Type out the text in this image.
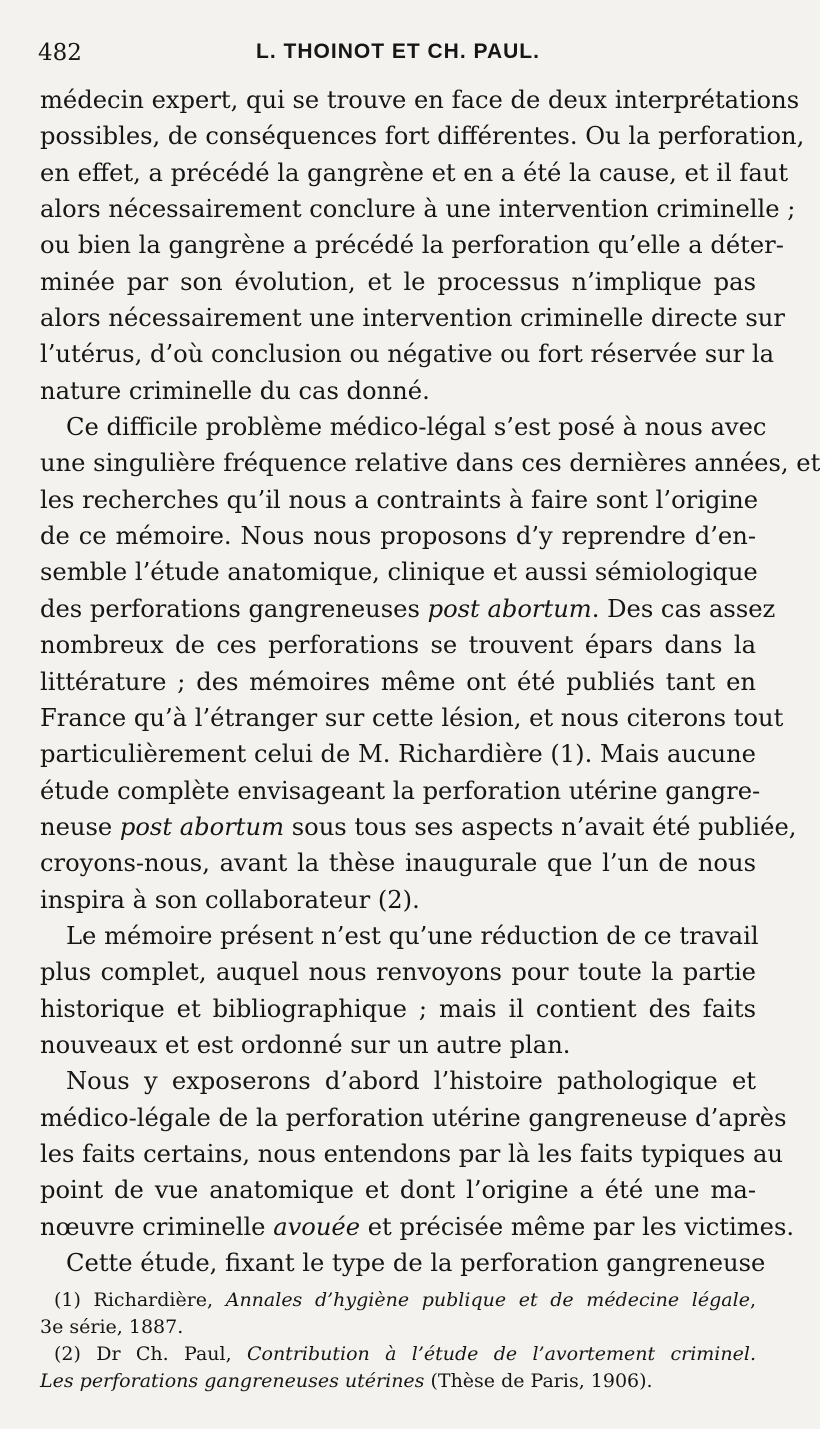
482	L. THOINOT ET CH. PAUL.
médecin expert, qui se trouve en face de deux interprétations
possibles, de conséquences fort différentes. Ou la perforation,
en effet, a précédé la gangrène et en a été la cause, et il faut
alors nécessairement conclure à une intervention criminelle ;
ou bien la gangrène a précédé la perforation qu’elle a déter-
minée par son évolution, et le processus n’implique pas
alors nécessairement une intervention criminelle directe sur
l’utérus, d’où conclusion ou négative ou fort réservée sur la
nature criminelle du cas donné.
Ce difficile problème médico-légal s’est posé à nous avec
une singulière fréquence relative dans ces dernières années, et
les recherches qu’il nous a contraints à faire sont l’origine
de ce mémoire. Nous nous proposons d’y reprendre d’en-
semble l’étude anatomique, clinique et aussi sémiologique
des perforations gangreneuses post abortum. Des cas assez
nombreux de ces perforations se trouvent épars dans la
littérature ; des mémoires même ont été publiés tant en
France qu’à l’étranger sur cette lésion, et nous citerons tout
particulièrement celui de M. Richardière (1). Mais aucune
étude complète envisageant la perforation utérine gangre-
neuse post abortum sous tous ses aspects n’avait été publiée,
croyons-nous, avant la thèse inaugurale que l’un de nous
inspira à son collaborateur (2).
Le mémoire présent n’est qu’une réduction de ce travail
plus complet, auquel nous renvoyons pour toute la partie
historique et bibliographique ; mais il contient des faits
nouveaux et est ordonné sur un autre plan.
Nous y exposerons d’abord l’histoire pathologique et
médico-légale de la perforation utérine gangreneuse d’après
les faits certains, nous entendons par là les faits typiques au
point de vue anatomique et dont l’origine a été une ma-
nœuvre criminelle avouée et précisée même par les victimes.
Cette étude, fixant le type de la perforation gangreneuse
(1) Richardière, Annales d’hygiène publique et de médecine légale,
3e série, 1887.
(2) Dr Ch. Paul, Contribution à l’étude de l’avortement criminel.
Les perforations gangreneuses utérines (Thèse de Paris, 1906).
